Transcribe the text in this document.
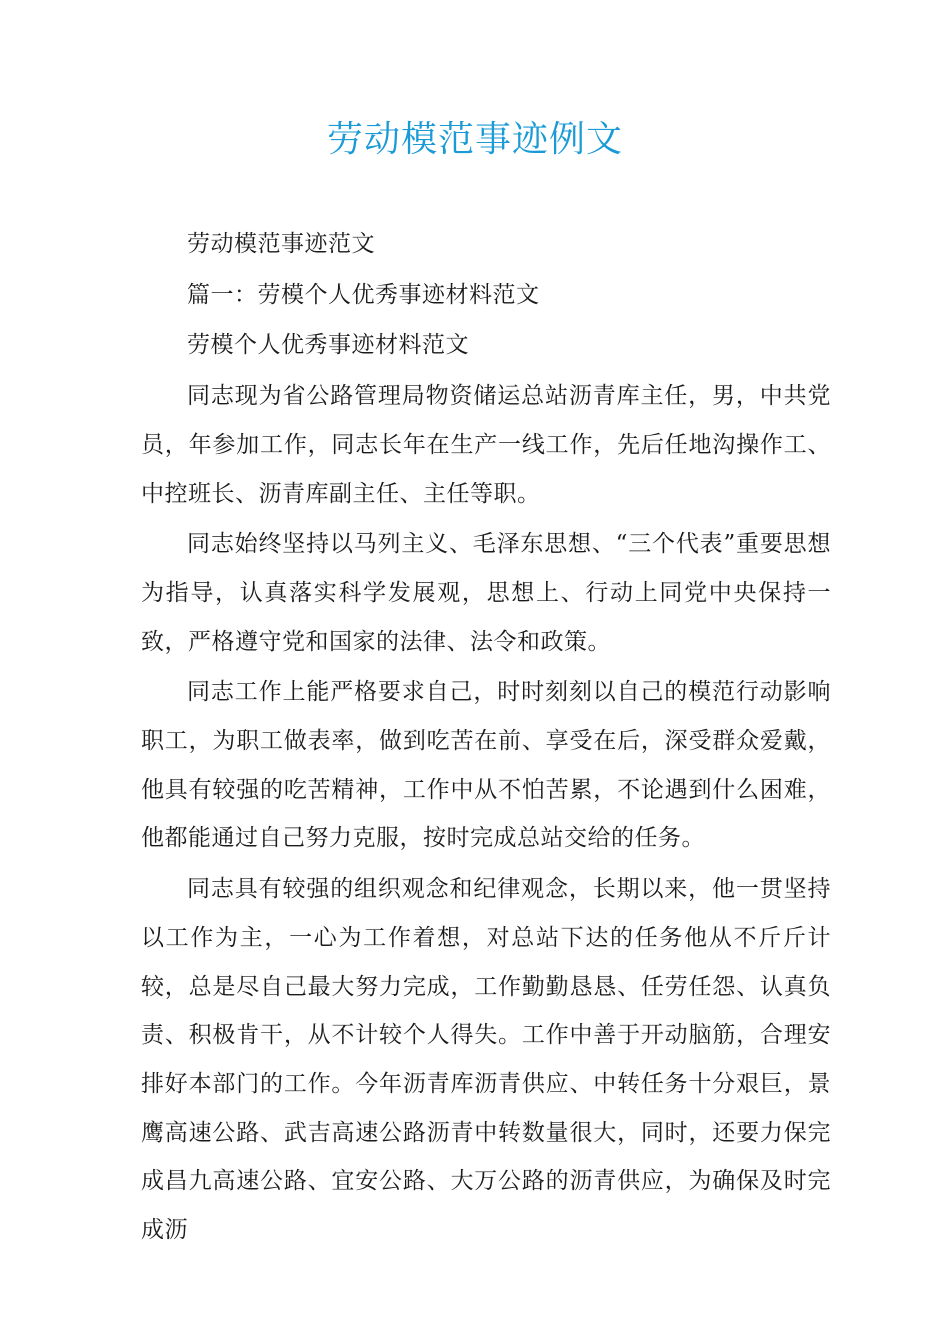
劳动模范事迹例文

劳动模范事迹范文

篇一：劳模个人优秀事迹材料范文

劳模个人优秀事迹材料范文

同志现为省公路管理局物资储运总站沥青库主任，男，中共党员，年参加工作，同志长年在生产一线工作，先后任地沟操作工、中控班长、沥青库副主任、主任等职。

同志始终坚持以马列主义、毛泽东思想、“三个代表”重要思想为指导，认真落实科学发展观，思想上、行动上同党中央保持一致，严格遵守党和国家的法律、法令和政策。

同志工作上能严格要求自己，时时刻刻以自己的模范行动影响职工，为职工做表率，做到吃苦在前、享受在后，深受群众爱戴，他具有较强的吃苦精神，工作中从不怕苦累，不论遇到什么困难，他都能通过自己努力克服，按时完成总站交给的任务。

同志具有较强的组织观念和纪律观念，长期以来，他一贯坚持以工作为主，一心为工作着想，对总站下达的任务他从不斤斤计较，总是尽自己最大努力完成，工作勤勤恳恳、任劳任怨、认真负责、积极肯干，从不计较个人得失。工作中善于开动脑筋，合理安排好本部门的工作。今年沥青库沥青供应、中转任务十分艰巨，景鹰高速公路、武吉高速公路沥青中转数量很大，同时，还要力保完成昌九高速公路、宜安公路、大万公路的沥青供应，为确保及时完成沥
